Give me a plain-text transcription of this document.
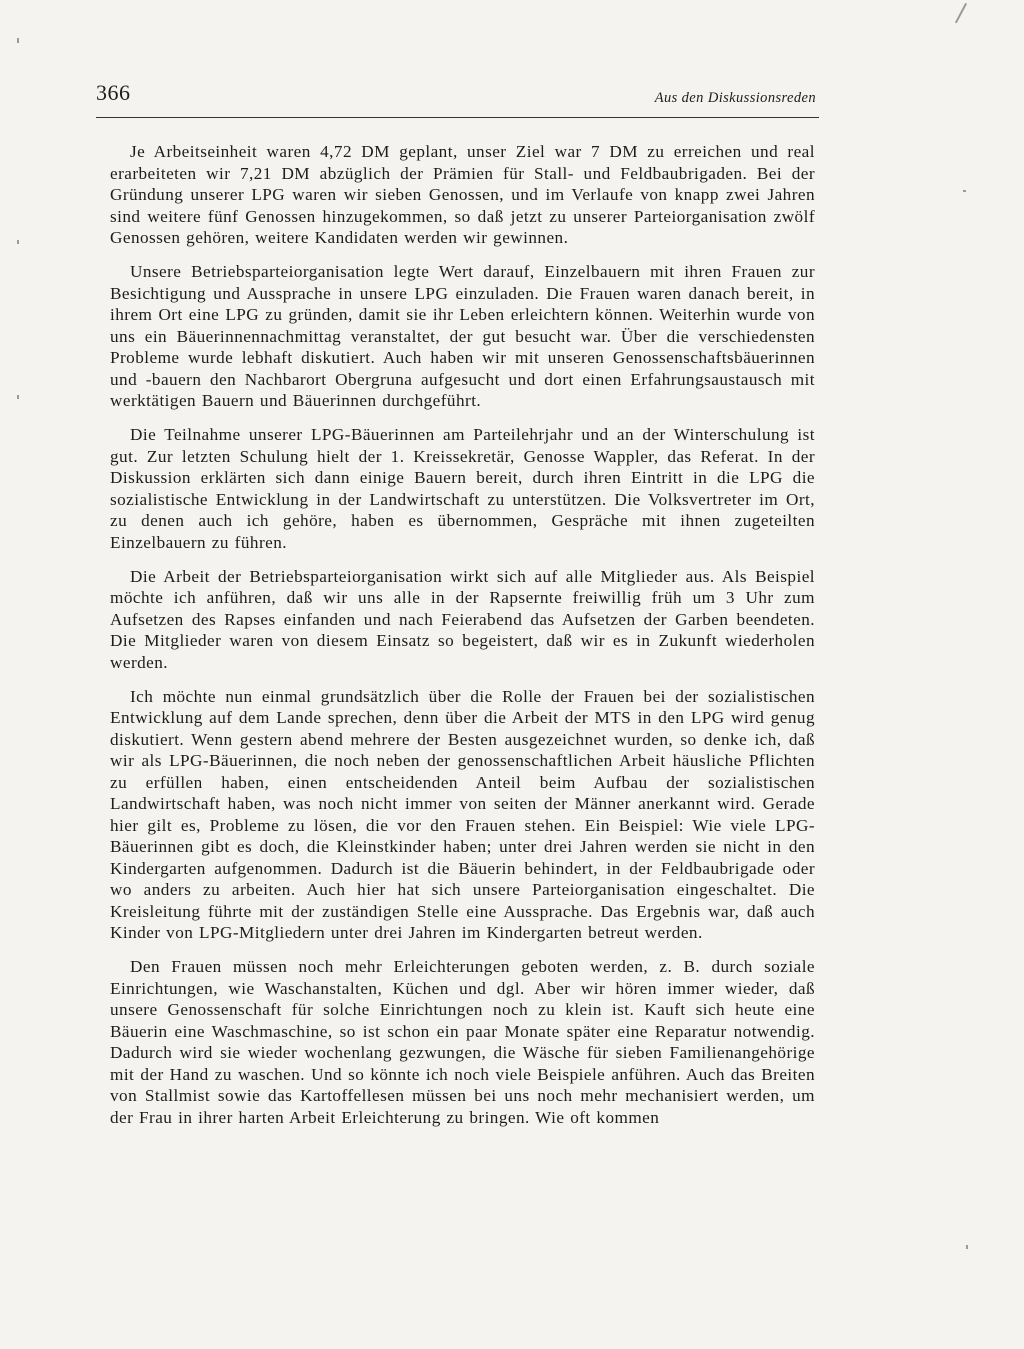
366	Aus den Diskussionsreden

Je Arbeitseinheit waren 4,72 DM geplant, unser Ziel war 7 DM zu erreichen und real erarbeiteten wir 7,21 DM abzüglich der Prämien für Stall- und Feldbaubrigaden. Bei der Gründung unserer LPG waren wir sieben Genossen, und im Verlaufe von knapp zwei Jahren sind weitere fünf Genossen hinzugekommen, so daß jetzt zu unserer Parteiorganisation zwölf Genossen gehören, weitere Kandidaten werden wir gewinnen.

Unsere Betriebsparteiorganisation legte Wert darauf, Einzelbauern mit ihren Frauen zur Besichtigung und Aussprache in unsere LPG einzuladen. Die Frauen waren danach bereit, in ihrem Ort eine LPG zu gründen, damit sie ihr Leben erleichtern können. Weiterhin wurde von uns ein Bäuerinnennachmittag veranstaltet, der gut besucht war. Über die verschiedensten Probleme wurde lebhaft diskutiert. Auch haben wir mit unseren Genossenschaftsbäuerinnen und -bauern den Nachbarort Obergruna aufgesucht und dort einen Erfahrungsaustausch mit werktätigen Bauern und Bäuerinnen durchgeführt.

Die Teilnahme unserer LPG-Bäuerinnen am Parteilehrjahr und an der Winterschulung ist gut. Zur letzten Schulung hielt der 1. Kreissekretär, Genosse Wappler, das Referat. In der Diskussion erklärten sich dann einige Bauern bereit, durch ihren Eintritt in die LPG die sozialistische Entwicklung in der Landwirtschaft zu unterstützen. Die Volksvertreter im Ort, zu denen auch ich gehöre, haben es übernommen, Gespräche mit ihnen zugeteilten Einzelbauern zu führen.

Die Arbeit der Betriebsparteiorganisation wirkt sich auf alle Mitglieder aus. Als Beispiel möchte ich anführen, daß wir uns alle in der Rapsernte freiwillig früh um 3 Uhr zum Aufsetzen des Rapses einfanden und nach Feierabend das Aufsetzen der Garben beendeten. Die Mitglieder waren von diesem Einsatz so begeistert, daß wir es in Zukunft wiederholen werden.

Ich möchte nun einmal grundsätzlich über die Rolle der Frauen bei der sozialistischen Entwicklung auf dem Lande sprechen, denn über die Arbeit der MTS in den LPG wird genug diskutiert. Wenn gestern abend mehrere der Besten ausgezeichnet wurden, so denke ich, daß wir als LPG-Bäuerinnen, die noch neben der genossenschaftlichen Arbeit häusliche Pflichten zu erfüllen haben, einen entscheidenden Anteil beim Aufbau der sozialistischen Landwirtschaft haben, was noch nicht immer von seiten der Männer anerkannt wird. Gerade hier gilt es, Probleme zu lösen, die vor den Frauen stehen. Ein Beispiel: Wie viele LPG-Bäuerinnen gibt es doch, die Kleinstkinder haben; unter drei Jahren werden sie nicht in den Kindergarten aufgenommen. Dadurch ist die Bäuerin behindert, in der Feldbaubrigade oder wo anders zu arbeiten. Auch hier hat sich unsere Parteiorganisation eingeschaltet. Die Kreisleitung führte mit der zuständigen Stelle eine Aussprache. Das Ergebnis war, daß auch Kinder von LPG-Mitgliedern unter drei Jahren im Kindergarten betreut werden.

Den Frauen müssen noch mehr Erleichterungen geboten werden, z. B. durch soziale Einrichtungen, wie Waschanstalten, Küchen und dgl. Aber wir hören immer wieder, daß unsere Genossenschaft für solche Einrichtungen noch zu klein ist. Kauft sich heute eine Bäuerin eine Waschmaschine, so ist schon ein paar Monate später eine Reparatur notwendig. Dadurch wird sie wieder wochenlang gezwungen, die Wäsche für sieben Familienangehörige mit der Hand zu waschen. Und so könnte ich noch viele Beispiele anführen. Auch das Breiten von Stallmist sowie das Kartoffellesen müssen bei uns noch mehr mechanisiert werden, um der Frau in ihrer harten Arbeit Erleichterung zu bringen. Wie oft kommen
